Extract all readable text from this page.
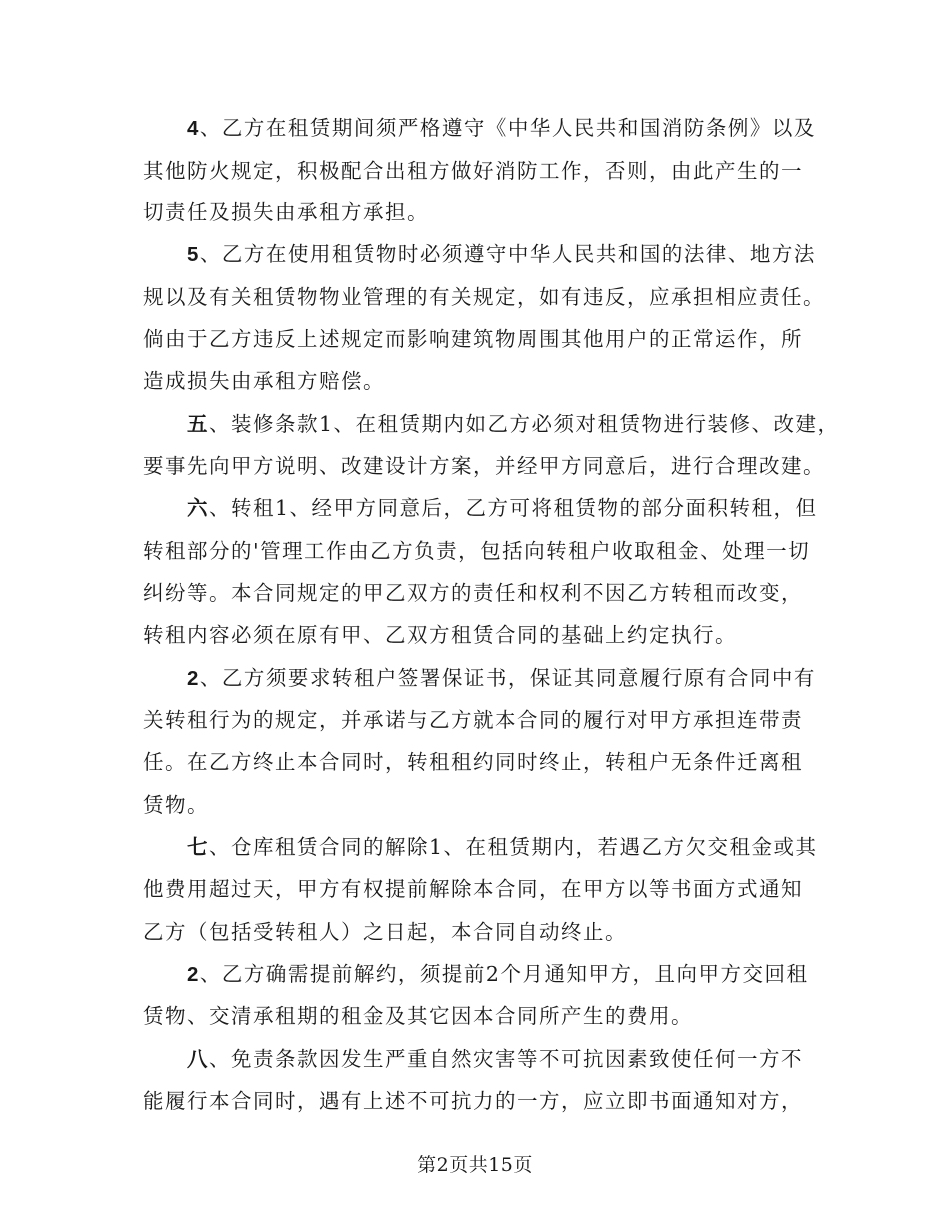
4、乙方在租赁期间须严格遵守《中华人民共和国消防条例》以及
其他防火规定，积极配合出租方做好消防工作，否则，由此产生的一
切责任及损失由承租方承担。
5、乙方在使用租赁物时必须遵守中华人民共和国的法律、地方法
规以及有关租赁物物业管理的有关规定，如有违反，应承担相应责任。
倘由于乙方违反上述规定而影响建筑物周围其他用户的正常运作，所
造成损失由承租方赔偿。
五、装修条款1、在租赁期内如乙方必须对租赁物进行装修、改建，
要事先向甲方说明、改建设计方案，并经甲方同意后，进行合理改建。
六、转租1、经甲方同意后，乙方可将租赁物的部分面积转租，但
转租部分的'管理工作由乙方负责，包括向转租户收取租金、处理一切
纠纷等。本合同规定的甲乙双方的责任和权利不因乙方转租而改变，
转租内容必须在原有甲、乙双方租赁合同的基础上约定执行。
2、乙方须要求转租户签署保证书，保证其同意履行原有合同中有
关转租行为的规定，并承诺与乙方就本合同的履行对甲方承担连带责
任。在乙方终止本合同时，转租租约同时终止，转租户无条件迁离租
赁物。
七、仓库租赁合同的解除1、在租赁期内，若遇乙方欠交租金或其
他费用超过天，甲方有权提前解除本合同，在甲方以等书面方式通知
乙方（包括受转租人）之日起，本合同自动终止。
2、乙方确需提前解约，须提前2个月通知甲方，且向甲方交回租
赁物、交清承租期的租金及其它因本合同所产生的费用。
八、免责条款因发生严重自然灾害等不可抗因素致使任何一方不
能履行本合同时，遇有上述不可抗力的一方，应立即书面通知对方，
第2页共15页
